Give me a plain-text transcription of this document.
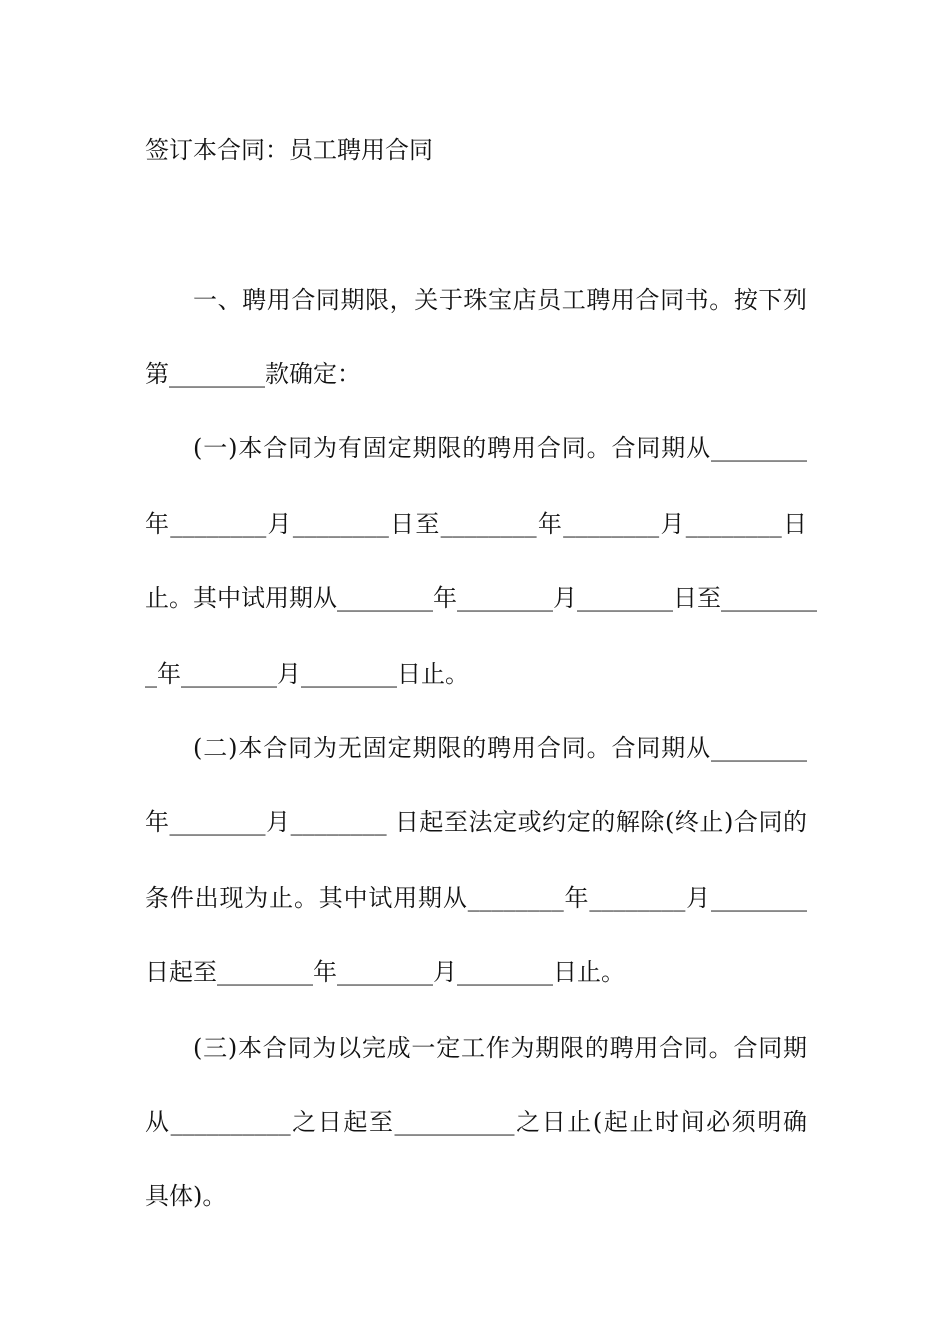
签订本合同：员工聘用合同
一、聘用合同期限，关于珠宝店员工聘用合同书。按下列
第________款确定：
(一)本合同为有固定期限的聘用合同。合同期从________
年________月________日至________年________月________日
止。其中试用期从________年________月________日至________
_年________月________日止。
(二)本合同为无固定期限的聘用合同。合同期从________
年________月________ 日起至法定或约定的解除(终止)合同的
条件出现为止。其中试用期从________年________月________
日起至________年________月________日止。
(三)本合同为以完成一定工作为期限的聘用合同。合同期
从__________之日起至__________之日止(起止时间必须明确
具体)。
